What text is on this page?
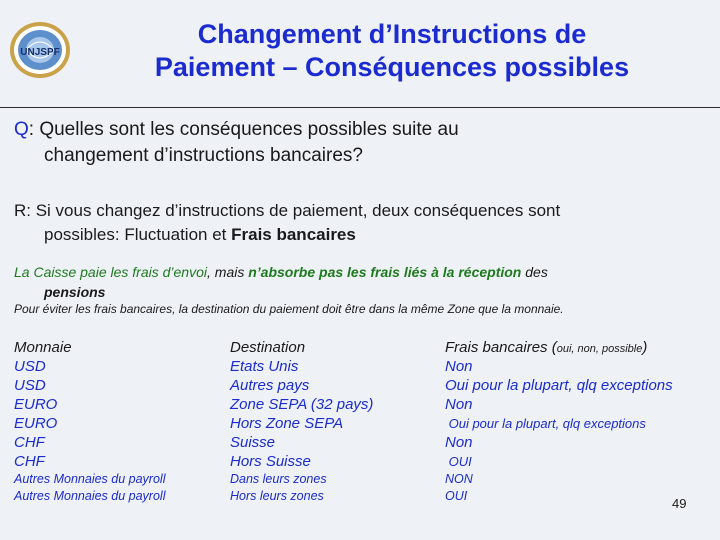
UNJSPF
Changement d’Instructions de
Paiement – Conséquences possibles
Q: Quelles sont les conséquences possibles suite au
changement d’instructions bancaires?
R: Si vous changez d’instructions de paiement, deux conséquences sont
possibles: Fluctuation et Frais bancaires
La Caisse paie les frais d’envoi, mais n’absorbe pas les frais liés à la réception des
pensions
Pour éviter les frais bancaires, la destination du paiement doit être dans la même Zone que la monnaie.
Monnaie
USD
USD
EURO
EURO
CHF
CHF
Autres Monnaies du payroll
Autres Monnaies du payroll
Destination
Etats Unis
Autres pays
Zone SEPA (32 pays)
Hors Zone SEPA
Suisse
Hors Suisse
Dans leurs zones
Hors leurs zones
Frais bancaires (oui, non, possible)
Non
Oui pour la plupart, qlq exceptions
Non
Oui pour la plupart, qlq exceptions
Non
OUI
NON
OUI	49
